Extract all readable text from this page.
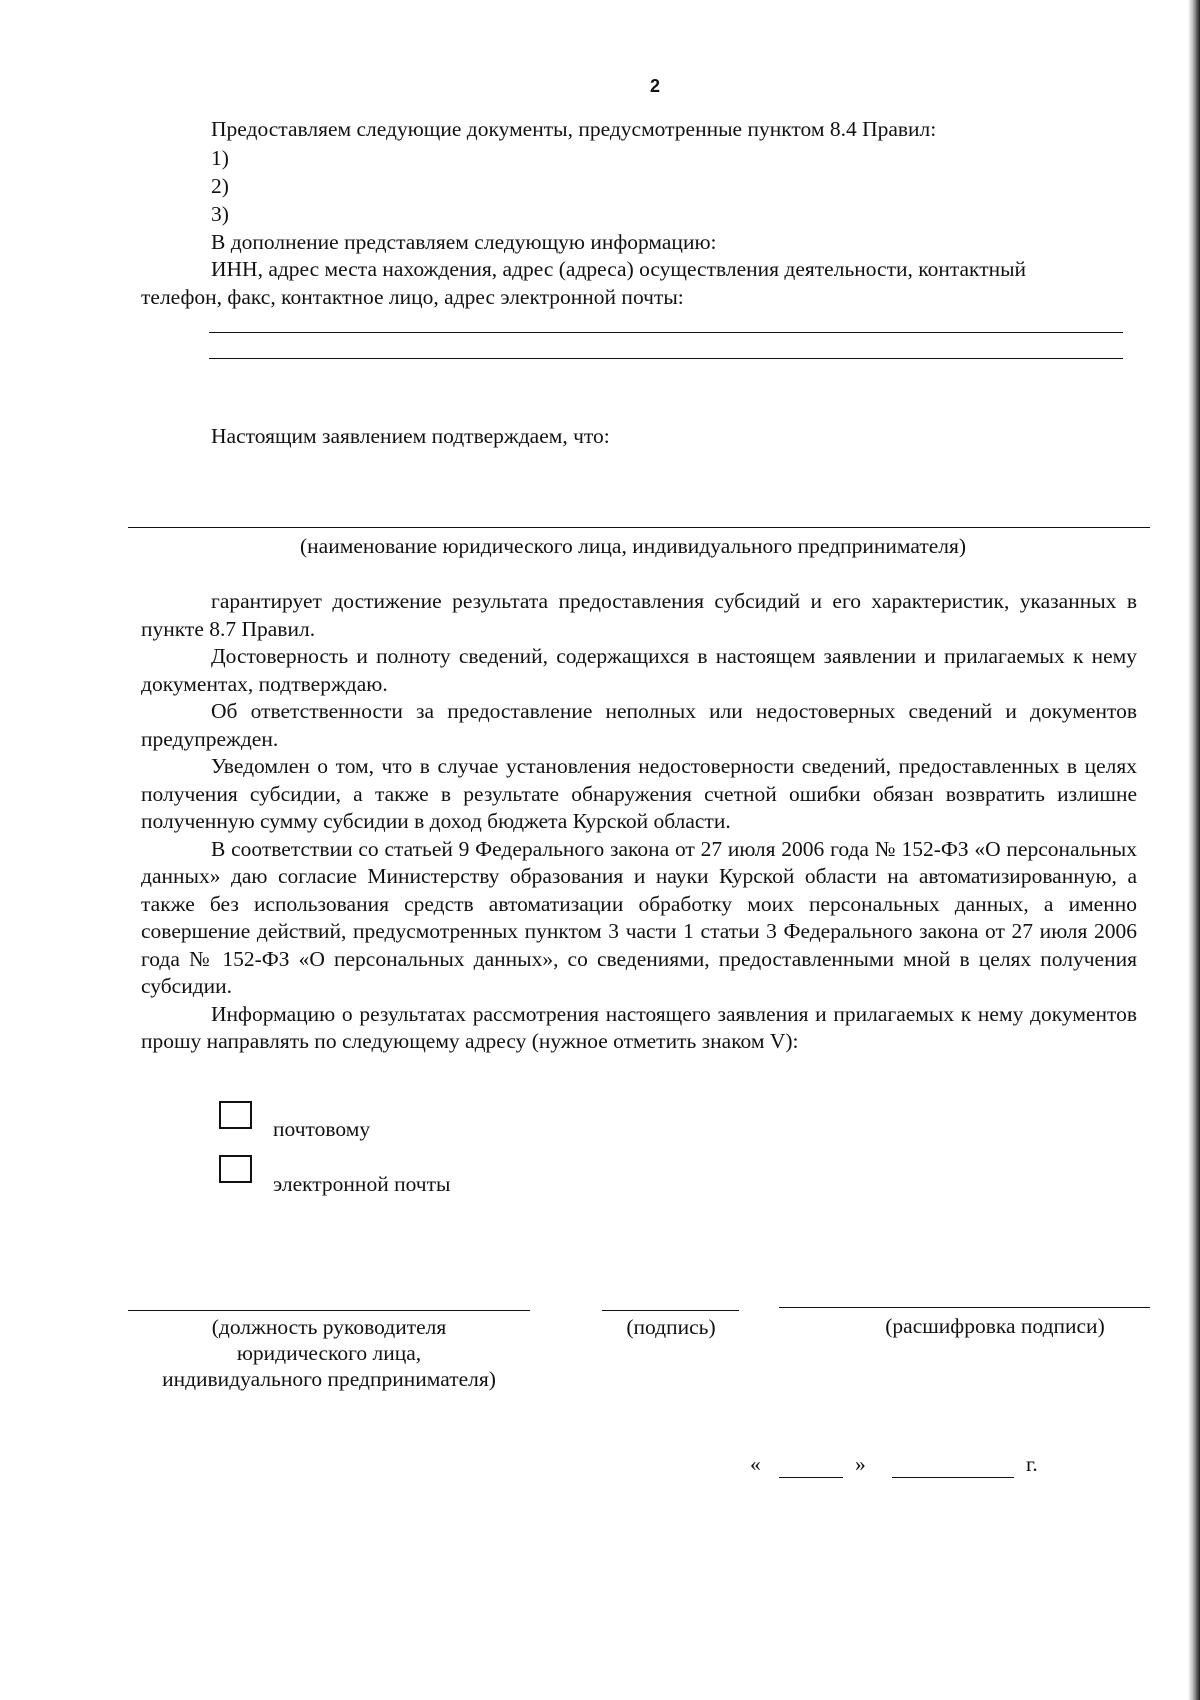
2
Предоставляем следующие документы, предусмотренные пунктом 8.4 Правил:
1)
2)
3)
В дополнение представляем следующую информацию:
ИНН, адрес места нахождения, адрес (адреса) осуществления деятельности, контактный
телефон, факс, контактное лицо, адрес электронной почты:
Настоящим заявлением подтверждаем, что:
(наименование юридического лица, индивидуального предпринимателя)

гарантирует достижение результата предоставления субсидий и его характеристик, указанных в пункте 8.7 Правил.

Достоверность и полноту сведений, содержащихся в настоящем заявлении и прилагаемых к нему документах, подтверждаю.

Об ответственности за предоставление неполных или недостоверных сведений и документов предупрежден.

Уведомлен о том, что в случае установления недостоверности сведений, предоставленных в целях получения субсидии, а также в результате обнаружения счетной ошибки обязан возвратить излишне полученную сумму субсидии в доход бюджета Курской области.

В соответствии со статьей 9 Федерального закона от 27 июля 2006 года № 152-ФЗ «О персональных данных» даю согласие Министерству образования и науки Курской области на автоматизированную, а также без использования средств автоматизации обработку моих персональных данных, а именно совершение действий, предусмотренных пунктом 3 части 1 статьи 3 Федерального закона от 27 июля 2006 года № 152-ФЗ «О персональных данных», со сведениями, предоставленными мной в целях получения субсидии.

Информацию о результатах рассмотрения настоящего заявления и прилагаемых к нему документов прошу направлять по следующему адресу (нужное отметить знаком V):

почтовому
электронной почты
(должность руководителя
юридического лица,
индивидуального предпринимателя)
(подпись)	(расшифровка подписи)
«	»	г.
